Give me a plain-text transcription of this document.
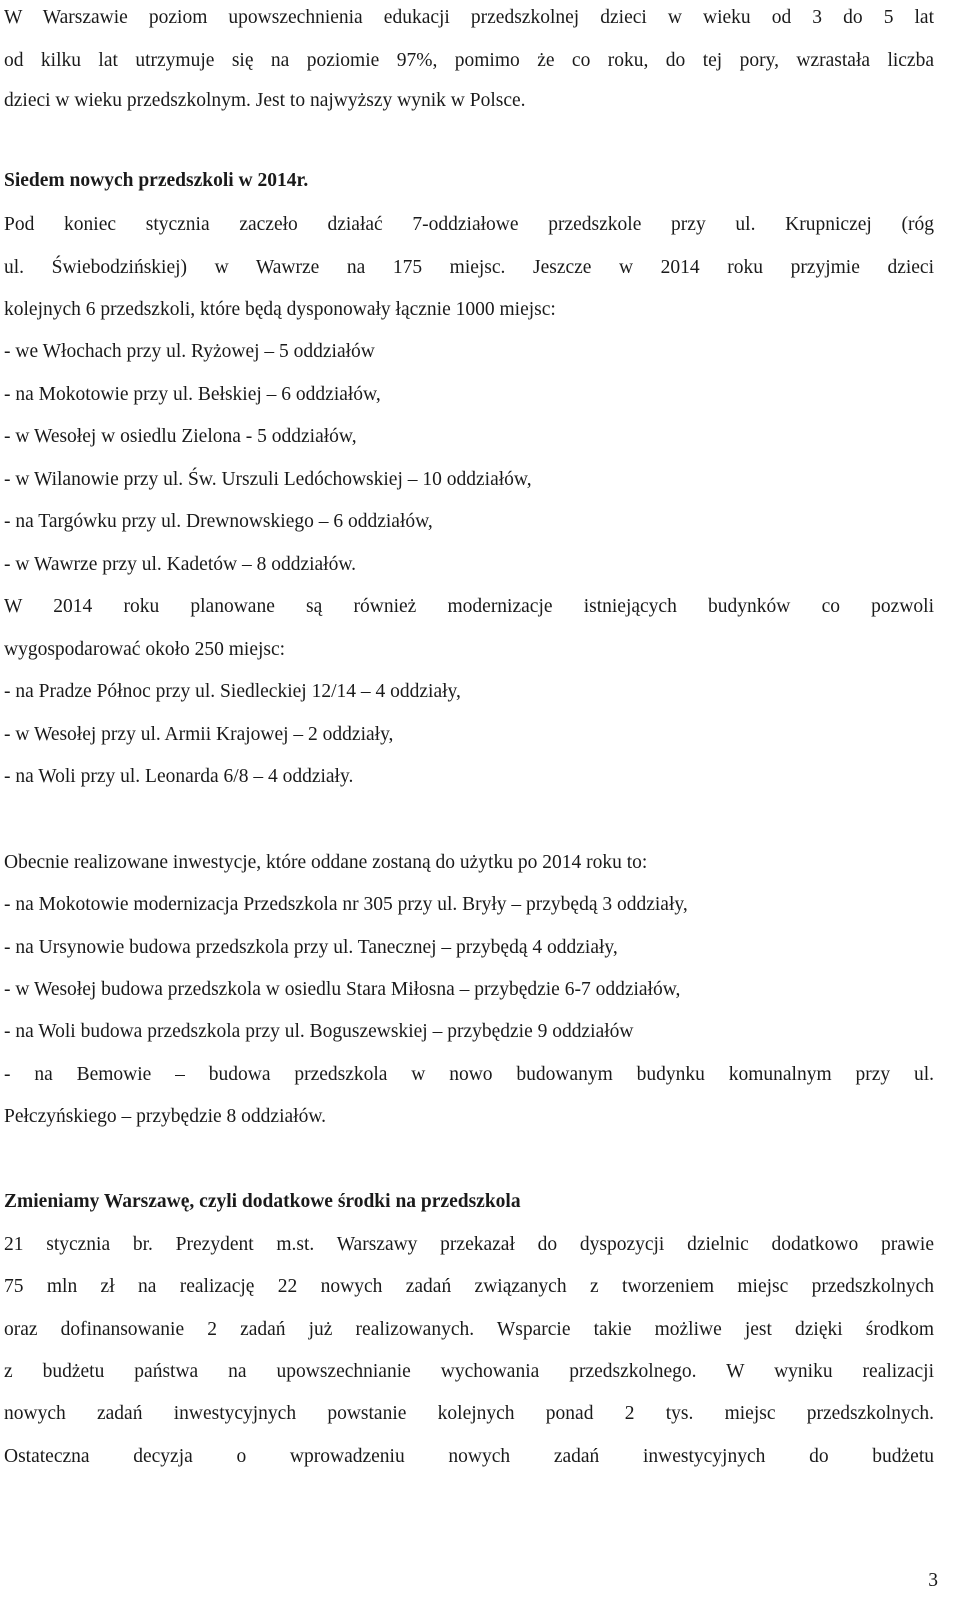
W Warszawie poziom upowszechnienia edukacji przedszkolnej dzieci w wieku od 3 do 5 lat
od kilku lat utrzymuje się na poziomie 97%, pomimo że co roku, do tej pory, wzrastała liczba
dzieci w wieku przedszkolnym. Jest to najwyższy wynik w Polsce.
Siedem nowych przedszkoli w 2014r.
Pod koniec stycznia zaczeło działać 7-oddziałowe przedszkole przy ul. Krupniczej (róg
ul. Świebodzińskiej) w Wawrze na 175 miejsc. Jeszcze w 2014 roku przyjmie dzieci
kolejnych 6 przedszkoli, które będą dysponowały łącznie 1000 miejsc:
- we Włochach przy ul. Ryżowej – 5 oddziałów
- na Mokotowie przy ul. Bełskiej – 6 oddziałów,
- w Wesołej w osiedlu Zielona - 5 oddziałów,
- w Wilanowie przy ul. Św. Urszuli Ledóchowskiej – 10 oddziałów,
- na Targówku przy ul. Drewnowskiego – 6 oddziałów,
- w Wawrze przy ul. Kadetów – 8 oddziałów.
W 2014 roku planowane są również modernizacje istniejących budynków co pozwoli
wygospodarować około 250 miejsc:
- na Pradze Północ przy ul. Siedleckiej 12/14 – 4 oddziały,
- w Wesołej przy ul. Armii Krajowej – 2 oddziały,
- na Woli przy ul. Leonarda 6/8 – 4 oddziały.
Obecnie realizowane inwestycje, które oddane zostaną do użytku po 2014 roku to:
- na Mokotowie modernizacja Przedszkola nr 305 przy ul. Bryły – przybędą 3 oddziały,
- na Ursynowie budowa przedszkola przy ul. Tanecznej – przybędą 4 oddziały,
- w Wesołej budowa przedszkola w osiedlu Stara Miłosna – przybędzie 6-7 oddziałów,
- na Woli budowa przedszkola przy ul. Boguszewskiej – przybędzie 9 oddziałów
- na Bemowie – budowa przedszkola w nowo budowanym budynku komunalnym przy ul.
Pełczyńskiego – przybędzie 8 oddziałów.
Zmieniamy Warszawę, czyli dodatkowe środki na przedszkola
21 stycznia br. Prezydent m.st. Warszawy przekazał do dyspozycji dzielnic dodatkowo prawie
75 mln zł na realizację 22 nowych zadań związanych z tworzeniem miejsc przedszkolnych
oraz dofinansowanie 2 zadań już realizowanych. Wsparcie takie możliwe jest dzięki środkom
z budżetu państwa na upowszechnianie wychowania przedszkolnego. W wyniku realizacji
nowych zadań inwestycyjnych powstanie kolejnych ponad 2 tys. miejsc przedszkolnych.
Ostateczna decyzja o wprowadzeniu nowych zadań inwestycyjnych do budżetu
3
